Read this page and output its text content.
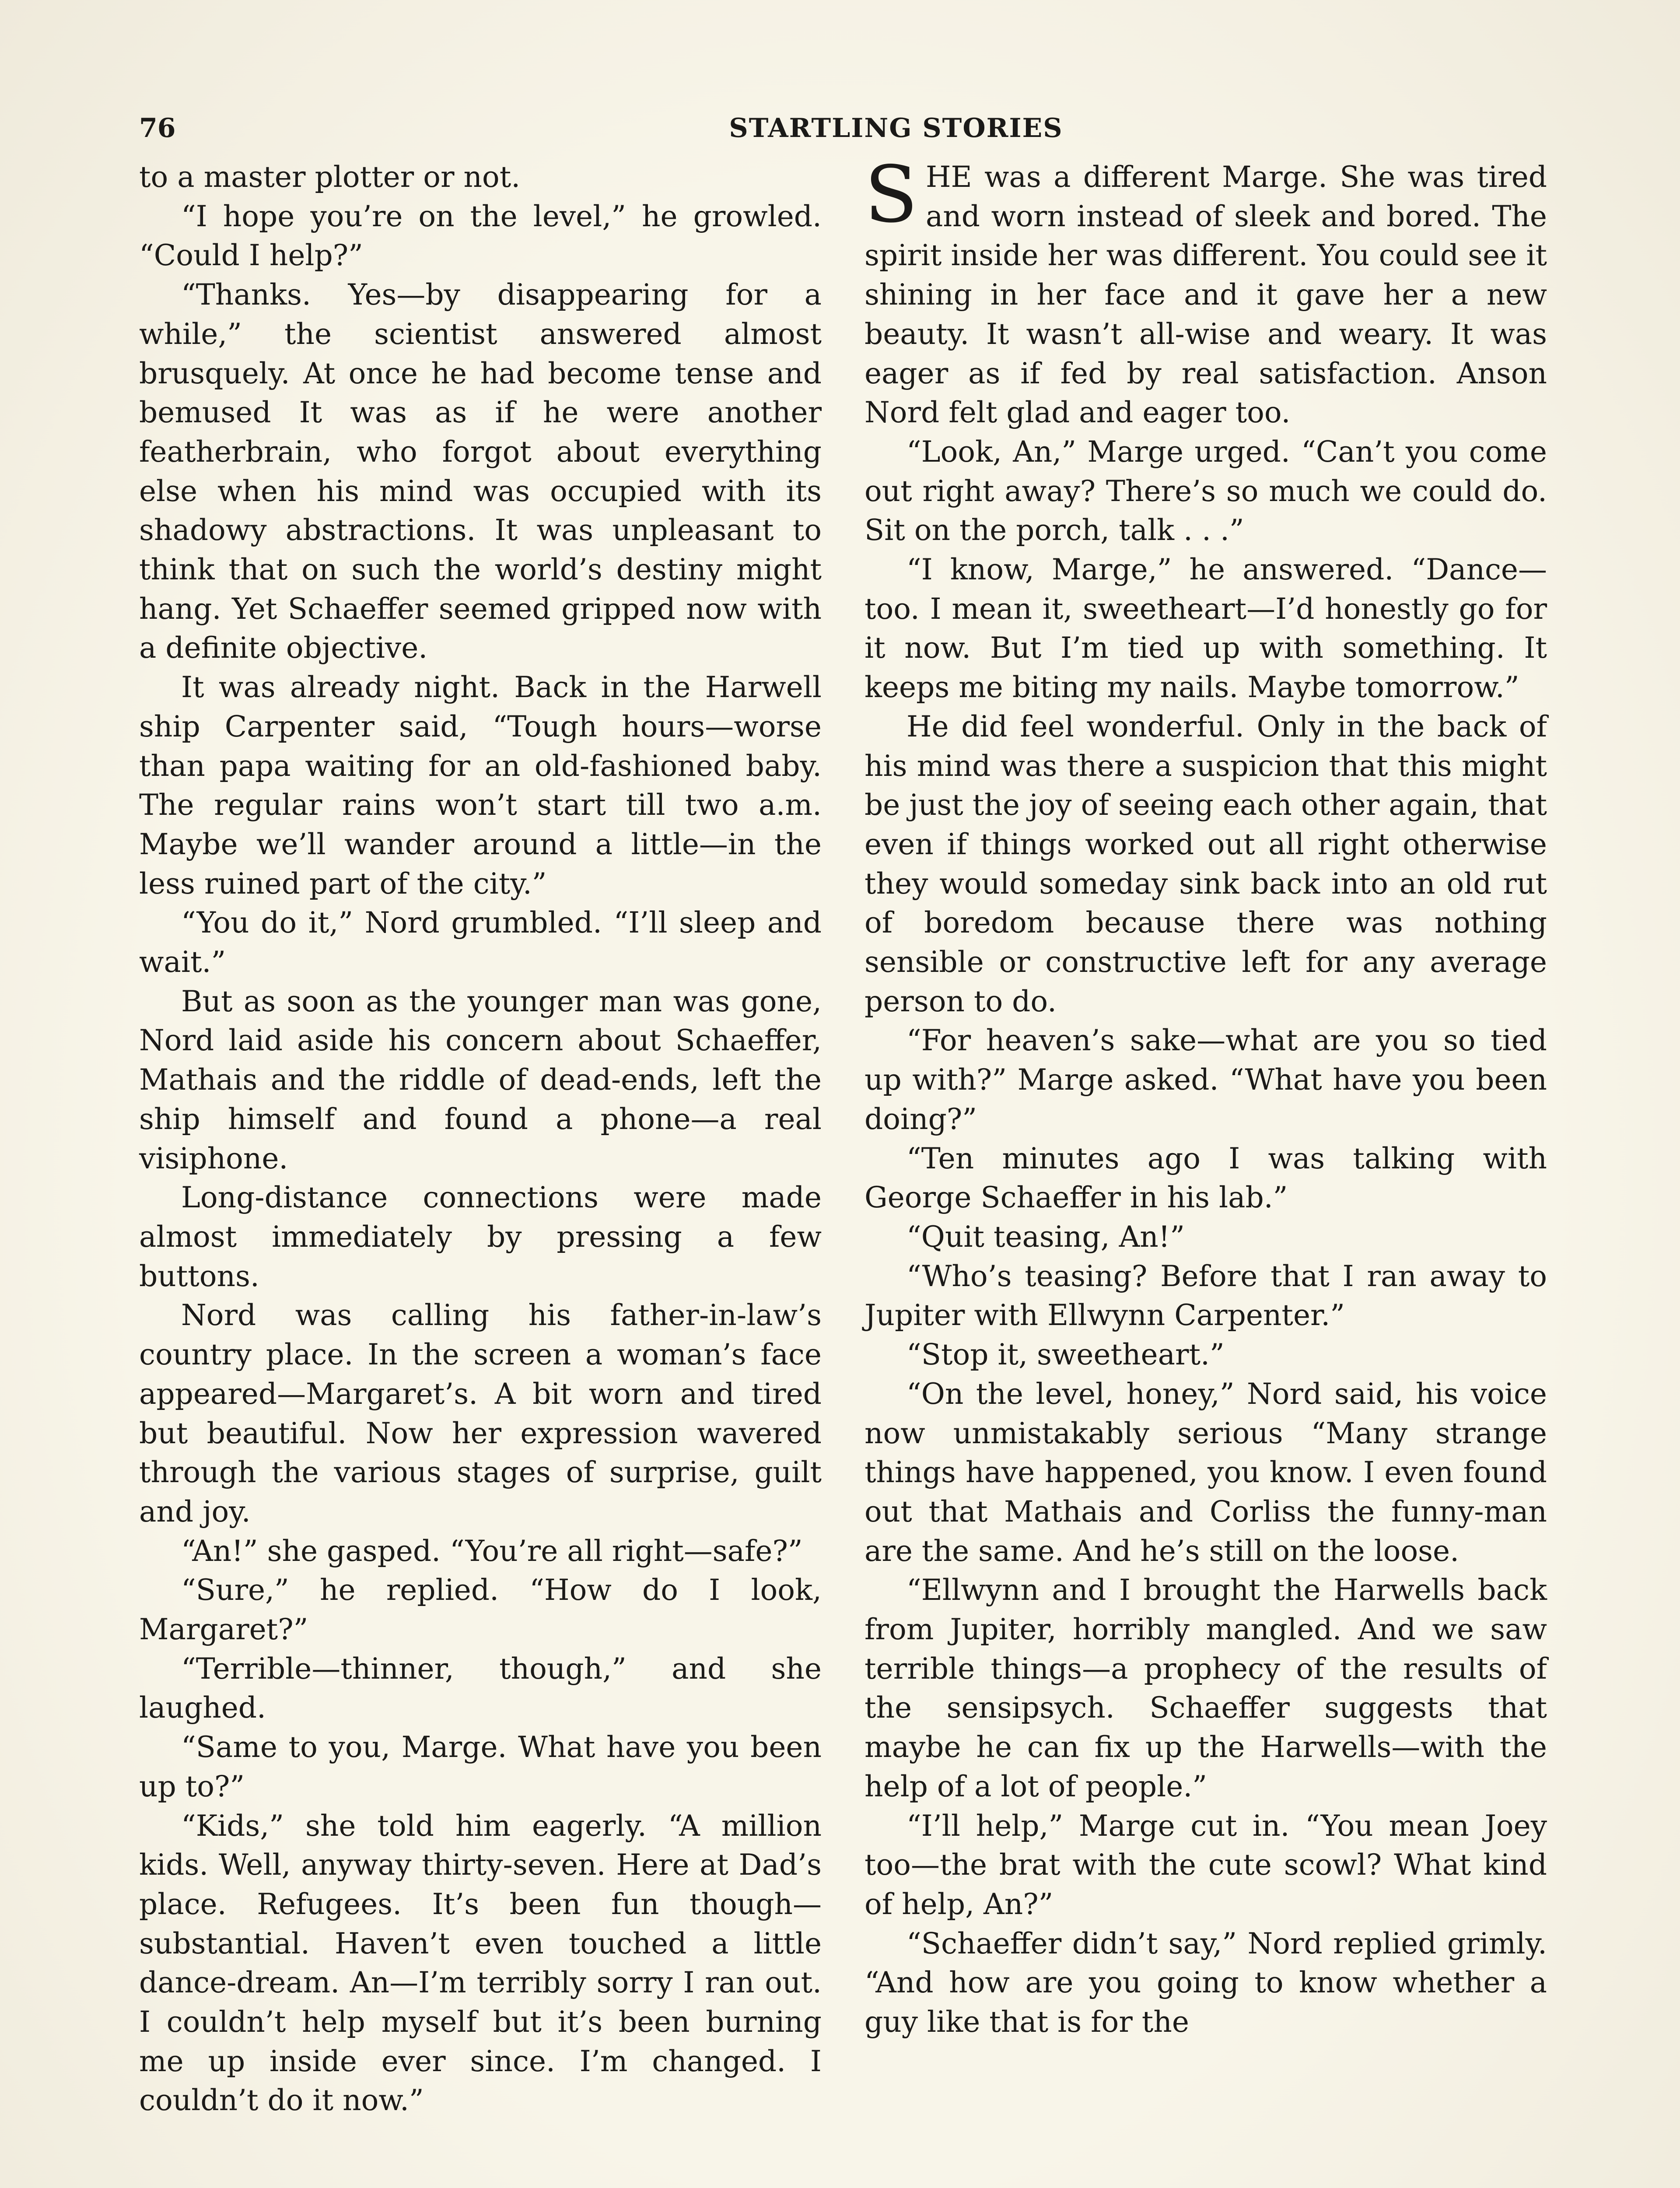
76	STARTLING STORIES

to a master plotter or not.

“I hope you’re on the level,” he growled. “Could I help?”

“Thanks. Yes—by disappearing for a while,” the scientist answered almost brusquely. At once he had become tense and bemused It was as if he were another featherbrain, who forgot about everything else when his mind was occupied with its shadowy abstractions. It was unpleasant to think that on such the world’s destiny might hang. Yet Schaeffer seemed gripped now with a definite objective.

It was already night. Back in the Harwell ship Carpenter said, “Tough hours—worse than papa waiting for an old-fashioned baby. The regular rains won’t start till two a.m. Maybe we’ll wander around a little—in the less ruined part of the city.”

“You do it,” Nord grumbled. “I’ll sleep and wait.”

But as soon as the younger man was gone, Nord laid aside his concern about Schaeffer, Mathais and the riddle of dead-ends, left the ship himself and found a phone—a real visiphone.

Long-distance connections were made almost immediately by pressing a few buttons.

Nord was calling his father-in-law’s country place. In the screen a woman’s face appeared—Margaret’s. A bit worn and tired but beautiful. Now her expression wavered through the various stages of surprise, guilt and joy.

“An!” she gasped. “You’re all right—safe?”

“Sure,” he replied. “How do I look, Margaret?”

“Terrible—thinner, though,” and she laughed.

“Same to you, Marge. What have you been up to?”

“Kids,” she told him eagerly. “A million kids. Well, anyway thirty-seven. Here at Dad’s place. Refugees. It’s been fun though—substantial. Haven’t even touched a little dance-dream. An—I’m terribly sorry I ran out. I couldn’t help myself but it’s been burning me up inside ever since. I’m changed. I couldn’t do it now.”

SHE was a different Marge. She was tired and worn instead of sleek and bored. The spirit inside her was different. You could see it shining in her face and it gave her a new beauty. It wasn’t all-wise and weary. It was eager as if fed by real satisfaction. Anson Nord felt glad and eager too.

“Look, An,” Marge urged. “Can’t you come out right away? There’s so much we could do. Sit on the porch, talk . . .”

“I know, Marge,” he answered. “Dance—too. I mean it, sweetheart—I’d honestly go for it now. But I’m tied up with something. It keeps me biting my nails. Maybe tomorrow.”

He did feel wonderful. Only in the back of his mind was there a suspicion that this might be just the joy of seeing each other again, that even if things worked out all right otherwise they would someday sink back into an old rut of boredom because there was nothing sensible or constructive left for any average person to do.

“For heaven’s sake—what are you so tied up with?” Marge asked. “What have you been doing?”

“Ten minutes ago I was talking with George Schaeffer in his lab.”

“Quit teasing, An!”

“Who’s teasing? Before that I ran away to Jupiter with Ellwynn Carpenter.”

“Stop it, sweetheart.”

“On the level, honey,” Nord said, his voice now unmistakably serious “Many strange things have happened, you know. I even found out that Mathais and Corliss the funny-man are the same. And he’s still on the loose.

“Ellwynn and I brought the Harwells back from Jupiter, horribly mangled. And we saw terrible things—a prophecy of the results of the sensipsych. Schaeffer suggests that maybe he can fix up the Harwells—with the help of a lot of people.”

“I’ll help,” Marge cut in. “You mean Joey too—the brat with the cute scowl? What kind of help, An?”

“Schaeffer didn’t say,” Nord replied grimly. “And how are you going to know whether a guy like that is for the
